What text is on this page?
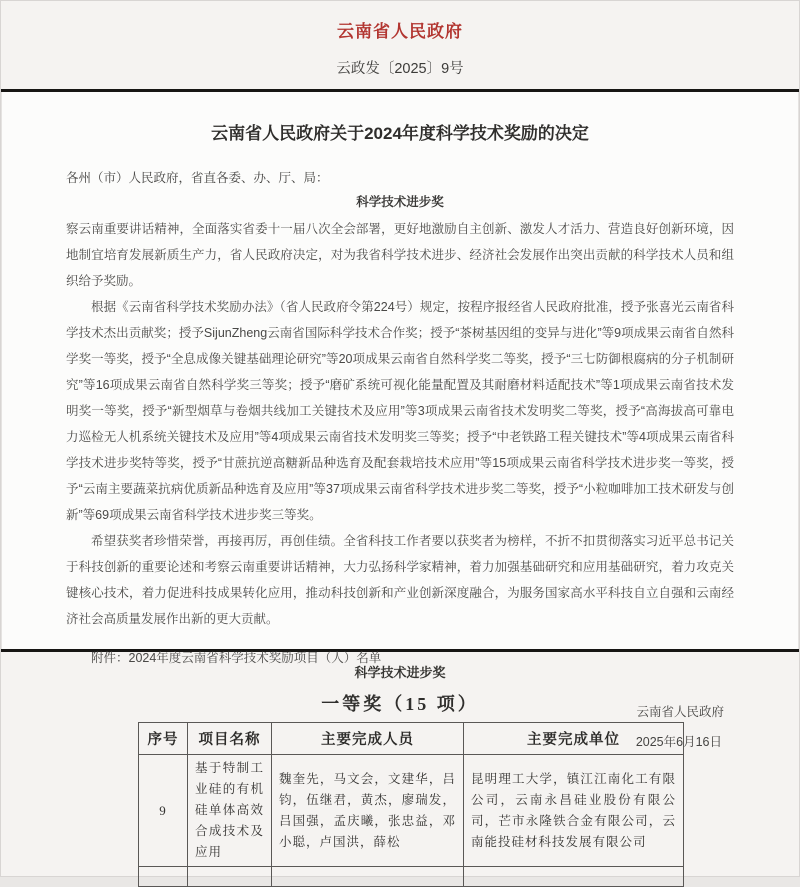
云南省人民政府
云政发〔2025〕9号
云南省人民政府关于2024年度科学技术奖励的决定
各州（市）人民政府，省直各委、办、厅、局：
科学技术进步奖

察云南重要讲话精神，全面落实省委十一届八次全会部署，更好地激励自主创新、激发人才活力、营造良好创新环境，因地制宜培育发展新质生产力，省人民政府决定，对为我省科学技术进步、经济社会发展作出突出贡献的科学技术人员和组织给予奖励。

根据《云南省科学技术奖励办法》（省人民政府令第224号）规定，按程序报经省人民政府批准，授予张喜光云南省科学技术杰出贡献奖；授予SijunZheng云南省国际科学技术合作奖；授予“茶树基因组的变异与进化”等9项成果云南省自然科学奖一等奖，授予“全息成像关键基础理论研究”等20项成果云南省自然科学奖二等奖，授予“三七防御根腐病的分子机制研究”等16项成果云南省自然科学奖三等奖；授予“磨矿系统可视化能量配置及其耐磨材料适配技术”等1项成果云南省技术发明奖一等奖，授予“新型烟草与卷烟共线加工关键技术及应用”等3项成果云南省技术发明奖二等奖，授予“高海拔高可靠电力巡检无人机系统关键技术及应用”等4项成果云南省技术发明奖三等奖；授予“中老铁路工程关键技术”等4项成果云南省科学技术进步奖特等奖，授予“甘蔗抗逆高糖新品种选育及配套栽培技术应用”等15项成果云南省科学技术进步奖一等奖，授予“云南主要蔬菜抗病优质新品种选育及应用”等37项成果云南省科学技术进步奖二等奖，授予“小粒咖啡加工技术研发与创新”等69项成果云南省科学技术进步奖三等奖。

希望获奖者珍惜荣誉，再接再厉，再创佳绩。全省科技工作者要以获奖者为榜样，不折不扣贯彻落实习近平总书记关于科技创新的重要论述和考察云南重要讲话精神，大力弘扬科学家精神，着力加强基础研究和应用基础研究，着力攻克关键核心技术，着力促进科技成果转化应用，推动科技创新和产业创新深度融合，为服务国家高水平科技自立自强和云南经济社会高质量发展作出新的更大贡献。

附件：2024年度云南省科学技术奖励项目（人）名单
云南省人民政府
2025年6月16日
科学技术进步奖
一等奖（15 项）
序号	项目名称	主要完成人员	主要完成单位
9	基于特制工业硅的有机硅单体高效合成技术及应用	魏奎先，马文会，文建华，吕钧，伍继君，黄杰，廖瑞发，吕国强，孟庆曦，张忠益，邓小聪，卢国洪，薛松	昆明理工大学，镇江江南化工有限公司，云南永昌硅业股份有限公司，芒市永隆铁合金有限公司，云南能投硅材科技发展有限公司
